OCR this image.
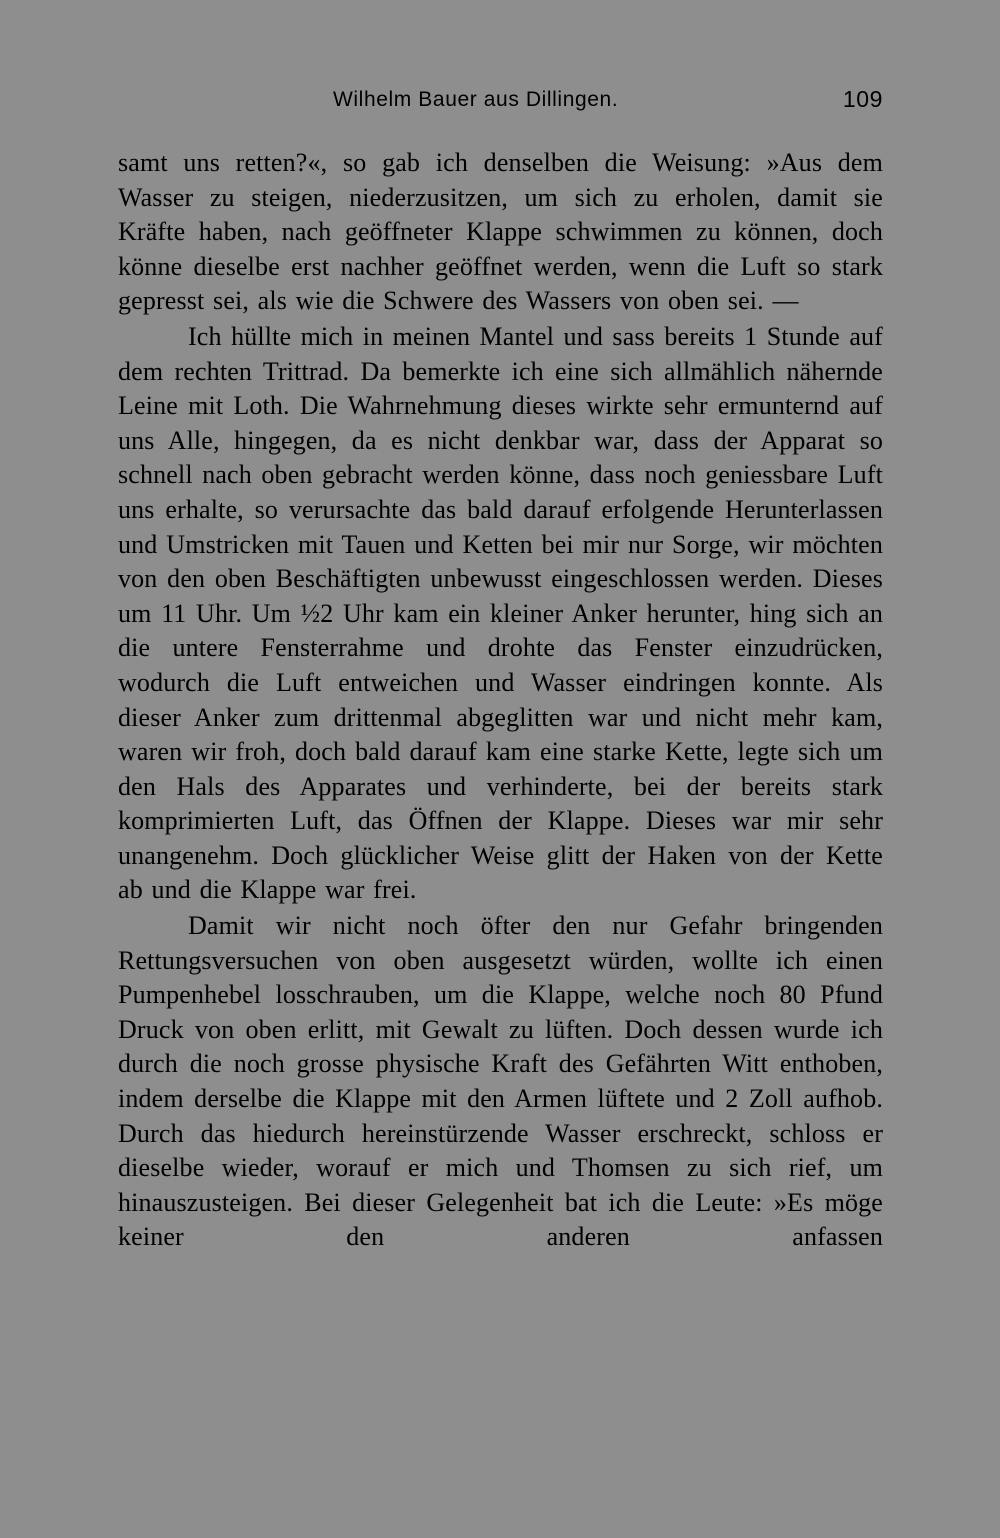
Wilhelm Bauer aus Dillingen.	109

samt uns retten?«, so gab ich denselben die Weisung: »Aus dem Wasser zu steigen, niederzusitzen, um sich zu erholen, damit sie Kräfte haben, nach geöffneter Klappe schwimmen zu können, doch könne dieselbe erst nachher geöffnet werden, wenn die Luft so stark gepresst sei, als wie die Schwere des Wassers von oben sei. —

Ich hüllte mich in meinen Mantel und sass bereits 1 Stunde auf dem rechten Trittrad. Da bemerkte ich eine sich allmählich nähernde Leine mit Loth. Die Wahrnehmung dieses wirkte sehr ermunternd auf uns Alle, hingegen, da es nicht denkbar war, dass der Apparat so schnell nach oben gebracht werden könne, dass noch geniessbare Luft uns erhalte, so verursachte das bald darauf erfolgende Herunterlassen und Umstricken mit Tauen und Ketten bei mir nur Sorge, wir möchten von den oben Beschäftigten unbewusst eingeschlossen werden. Dieses um 11 Uhr. Um ½2 Uhr kam ein kleiner Anker herunter, hing sich an die untere Fensterrahme und drohte das Fenster einzudrücken, wodurch die Luft entweichen und Wasser eindringen konnte. Als dieser Anker zum drittenmal abgeglitten war und nicht mehr kam, waren wir froh, doch bald darauf kam eine starke Kette, legte sich um den Hals des Apparates und verhinderte, bei der bereits stark komprimierten Luft, das Öffnen der Klappe. Dieses war mir sehr unangenehm. Doch glücklicher Weise glitt der Haken von der Kette ab und die Klappe war frei.

Damit wir nicht noch öfter den nur Gefahr bringenden Rettungsversuchen von oben ausgesetzt würden, wollte ich einen Pumpenhebel losschrauben, um die Klappe, welche noch 80 Pfund Druck von oben erlitt, mit Gewalt zu lüften. Doch dessen wurde ich durch die noch grosse physische Kraft des Gefährten Witt enthoben, indem derselbe die Klappe mit den Armen lüftete und 2 Zoll aufhob. Durch das hiedurch hereinstürzende Wasser erschreckt, schloss er dieselbe wieder, worauf er mich und Thomsen zu sich rief, um hinauszusteigen. Bei dieser Gelegenheit bat ich die Leute: »Es möge keiner den anderen anfassen
